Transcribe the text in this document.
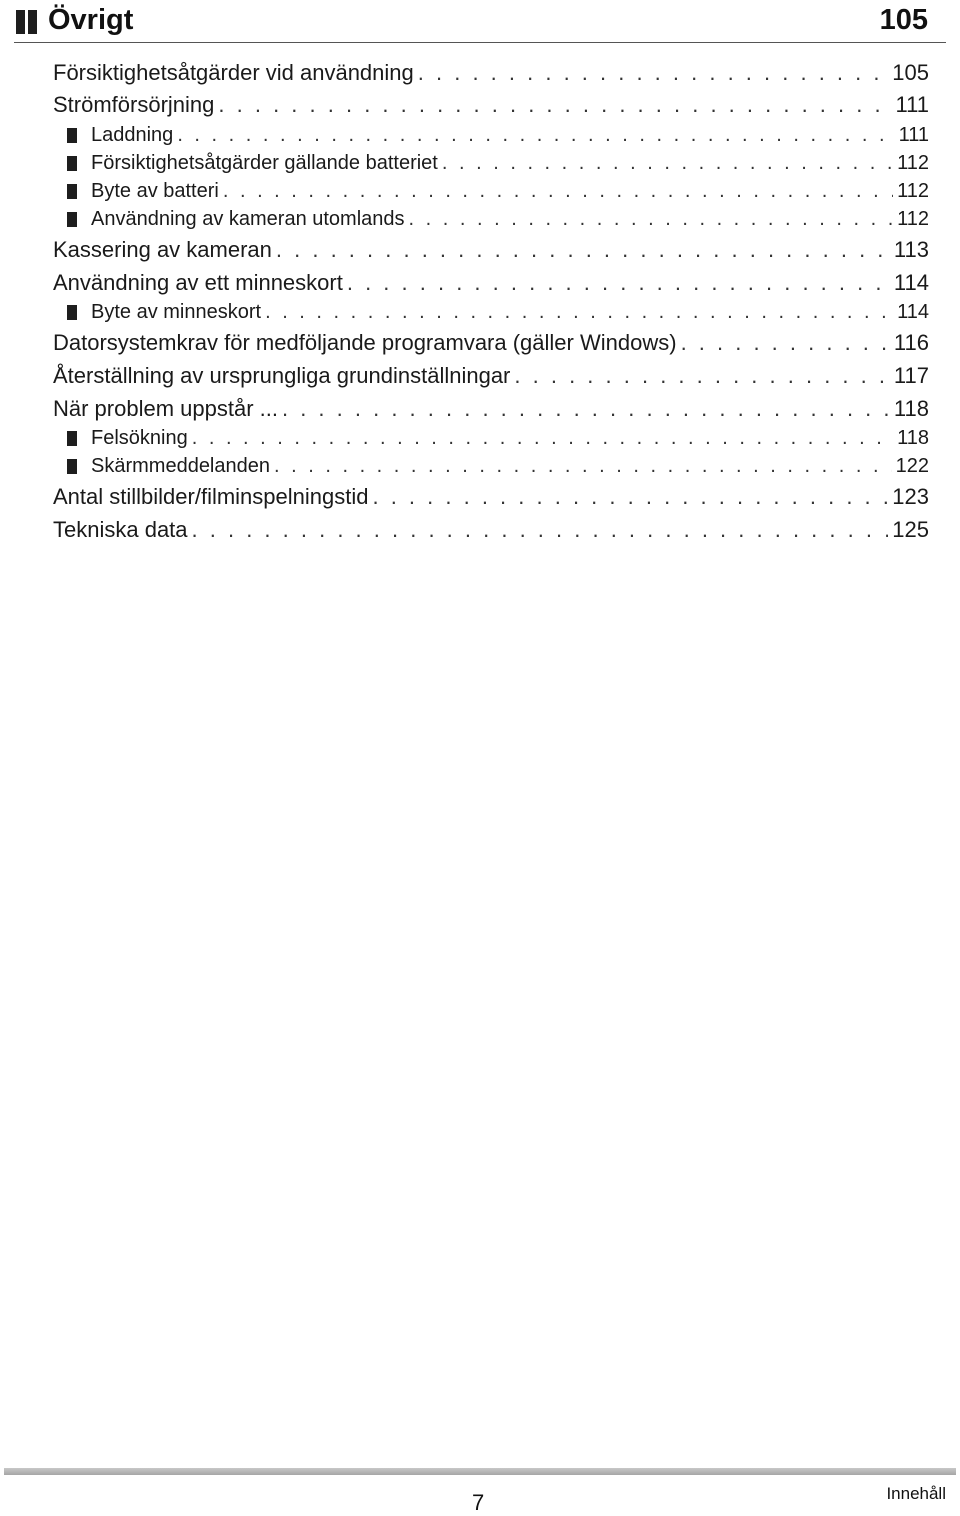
Övrigt	105
Försiktighetsåtgärder vid användning . . .	105
Strömförsörjning . . .	111
Laddning . . .	111
Försiktighetsåtgärder gällande batteriet . . .	112
Byte av batteri . . .	112
Användning av kameran utomlands . . .	112
Kassering av kameran . . .	113
Användning av ett minneskort . . .	114
Byte av minneskort . . .	114
Datorsystemkrav för medföljande programvara (gäller Windows) . . .	116
Återställning av ursprungliga grundinställningar . . .	117
När problem uppstår ... . . .	118
Felsökning . . .	118
Skärmmeddelanden . . .	122
Antal stillbilder/filminspelningstid . . .	123
Tekniska data . . .	125
7	Innehåll
